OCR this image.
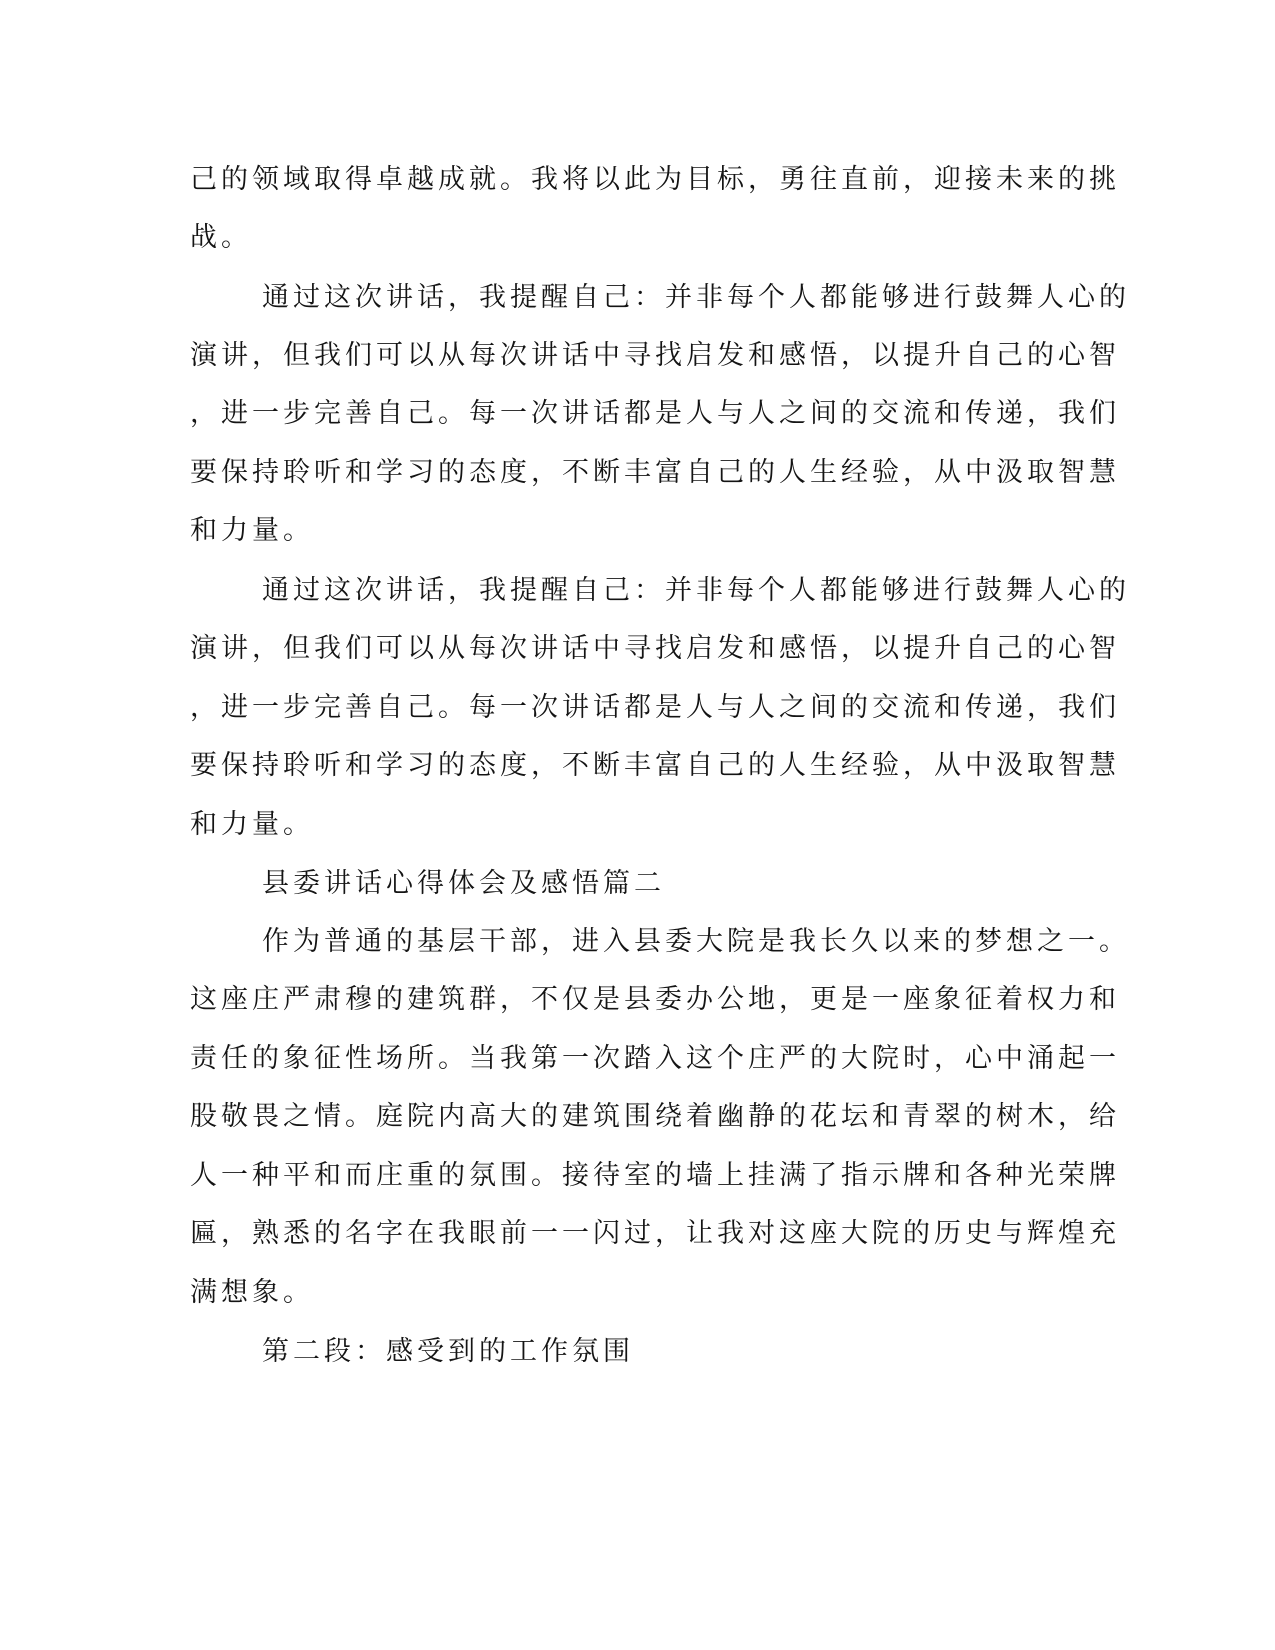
己的领域取得卓越成就。我将以此为目标，勇往直前，迎接未来的挑
战。
通过这次讲话，我提醒自己：并非每个人都能够进行鼓舞人心的
演讲，但我们可以从每次讲话中寻找启发和感悟，以提升自己的心智
，进一步完善自己。每一次讲话都是人与人之间的交流和传递，我们
要保持聆听和学习的态度，不断丰富自己的人生经验，从中汲取智慧
和力量。
通过这次讲话，我提醒自己：并非每个人都能够进行鼓舞人心的
演讲，但我们可以从每次讲话中寻找启发和感悟，以提升自己的心智
，进一步完善自己。每一次讲话都是人与人之间的交流和传递，我们
要保持聆听和学习的态度，不断丰富自己的人生经验，从中汲取智慧
和力量。
县委讲话心得体会及感悟篇二
作为普通的基层干部，进入县委大院是我长久以来的梦想之一。
这座庄严肃穆的建筑群，不仅是县委办公地，更是一座象征着权力和
责任的象征性场所。当我第一次踏入这个庄严的大院时，心中涌起一
股敬畏之情。庭院内高大的建筑围绕着幽静的花坛和青翠的树木，给
人一种平和而庄重的氛围。接待室的墙上挂满了指示牌和各种光荣牌
匾，熟悉的名字在我眼前一一闪过，让我对这座大院的历史与辉煌充
满想象。
第二段：感受到的工作氛围
